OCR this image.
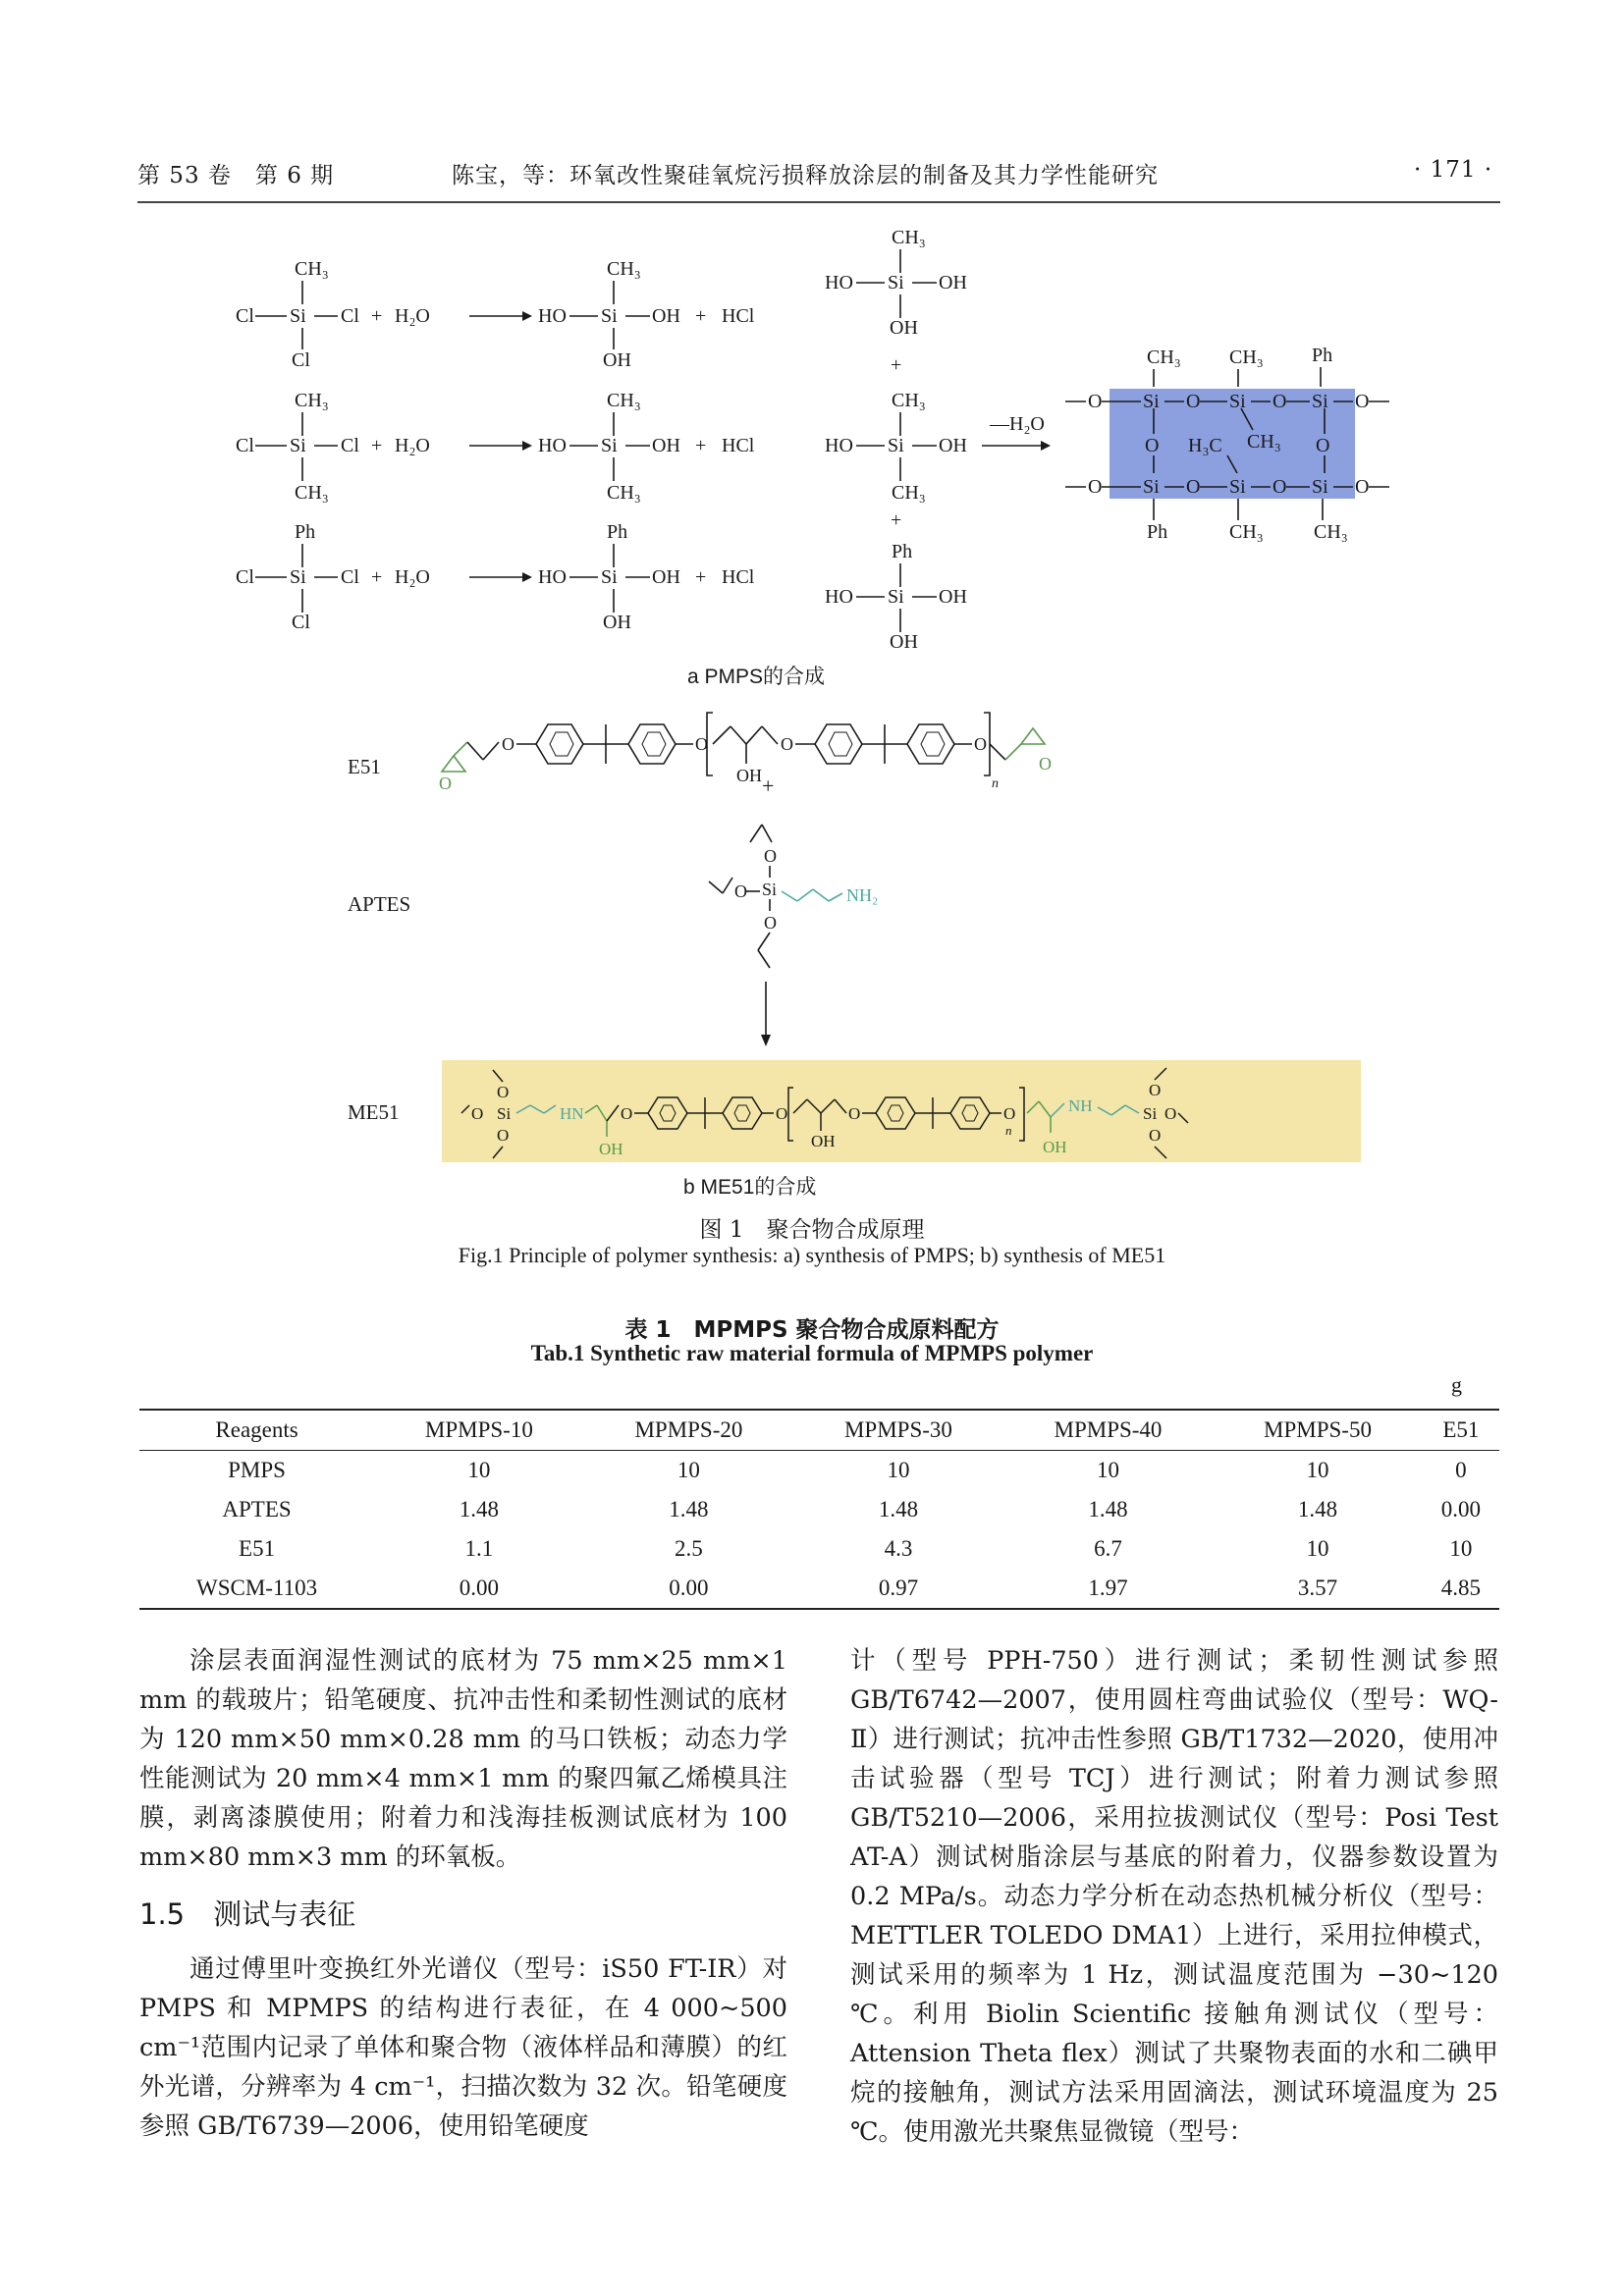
第 53 卷　第 6 期	陈宝，等：环氧改性聚硅氧烷污损释放涂层的制备及其力学性能研究	· 171 ·
CH₃
Cl Si Cl
Cl
+ H₂O
CH₃
HO Si OH
OH
+ HCl
CH₃
Cl Si Cl
CH₃
+ H₂O
CH₃
HO Si OH
CH₃
+ HCl
Ph
Cl Si Cl
Cl
+ H₂O
Ph
HO Si OH
OH
+ HCl
CH₃
HO Si OH
OH
+
CH₃
HO Si OH
CH₃
+
Ph
HO Si OH
OH
—H₂O
CH₃ CH₃ Ph
O Si O Si O Si O
CH₃
O H₃C	O
O Si O Si O Si O
Ph	CH₃	CH₃
a PMPS的合成
E51
O
O	O
OH
O	O
n
O
+
APTES
O
Si
O
O
NH₂
ME51	O Si
O
O
HN
OH
O	O
OH
O	O
n
OH
NH	Si
O
O
O
b ME51的合成
图 1　聚合物合成原理
Fig.1 Principle of polymer synthesis: a) synthesis of PMPS; b) synthesis of ME51
表 1　MPMPS 聚合物合成原料配方
Tab.1 Synthetic raw material formula of MPMPS polymer
g
Reagents	MPMPS-10	MPMPS-20	MPMPS-30	MPMPS-40	MPMPS-50	E51
PMPS	10	10	10	10	10	0
APTES	1.48	1.48	1.48	1.48	1.48	0.00
E51	1.1	2.5	4.3	6.7	10	10
WSCM-1103	0.00	0.00	0.97	1.97	3.57	4.85

涂层表面润湿性测试的底材为 75 mm×25 mm×1 mm 的载玻片；铅笔硬度、抗冲击性和柔韧性测试的底材为 120 mm×50 mm×0.28 mm 的马口铁板；动态力学性能测试为 20 mm×4 mm×1 mm 的聚四氟乙烯模具注膜，剥离漆膜使用；附着力和浅海挂板测试底材为 100 mm×80 mm×3 mm 的环氧板。

1.5　测试与表征

通过傅里叶变换红外光谱仪（型号：iS50 FT-IR）对 PMPS 和 MPMPS 的结构进行表征，在 4 000~500 cm⁻¹范围内记录了单体和聚合物（液体样品和薄膜）的红外光谱，分辨率为 4 cm⁻¹，扫描次数为 32 次。铅笔硬度参照 GB/T6739—2006，使用铅笔硬度

计（型号 PPH-750）进行测试；柔韧性测试参照 GB/T6742—2007，使用圆柱弯曲试验仪（型号：WQ-Ⅱ）进行测试；抗冲击性参照 GB/T1732—2020，使用冲击试验器（型号 TCJ）进行测试；附着力测试参照 GB/T5210—2006，采用拉拔测试仪（型号：Posi Test AT-A）测试树脂涂层与基底的附着力，仪器参数设置为 0.2 MPa/s。动态力学分析在动态热机械分析仪（型号：METTLER TOLEDO DMA1）上进行，采用拉伸模式，测试采用的频率为 1 Hz，测试温度范围为 −30~120 ℃。利用 Biolin Scientific 接触角测试仪（型号：Attension Theta flex）测试了共聚物表面的水和二碘甲烷的接触角，测试方法采用固滴法，测试环境温度为 25 ℃。使用激光共聚焦显微镜（型号：
